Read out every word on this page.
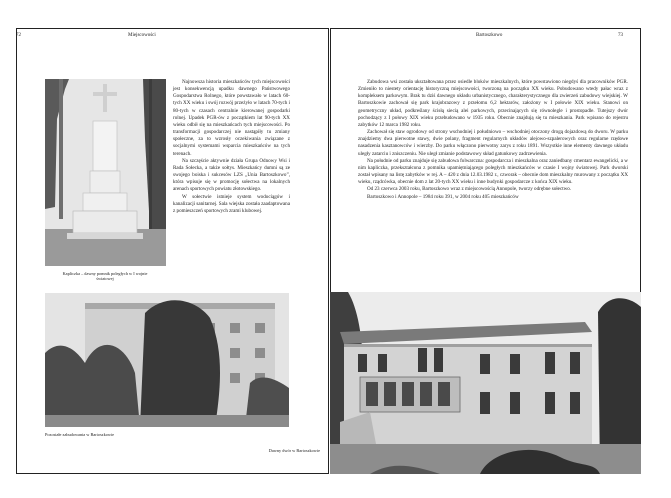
72	Miejscowości	Bartoszkowo	73
Kapliczka – dawny pomnik poległych w I wojnie światowej

Najnowsza historia mieszkańców tych miejscowości jest konsekwencją upadku dawnego Państwowego Gospodarstwa Rolnego, które powstawało w latach 60-tych XX wieku i swój rozwój przeżyło w latach 70-tych i 80-tych w czasach centralnie kierowanej gospodarki rolnej. Upadek PGR-ów z początkiem lat 90-tych XX wieku odbił się na mieszkańcach tych miejscowości. Po transformacji gospodarczej nie nastąpiły tu zmiany społeczne, za to wzrosły oczekiwania związane z socjalnymi systemami wsparcia mieszkańców na tych terenach.

Na szczęście aktywnie działa Grupa Odnowy Wsi i Rada Sołecka, a także sołtys. Mieszkańcy dumni są ze swojego boiska i sukcesów LZS „Unia Bartoszkowo”, która wpisuje się w promocję sołectwa na lokalnych arenach sportowych powiatu złotowskiego.

W sołectwie istnieje system wodociągów i kanalizacji sanitarnej. Sala wiejska została zaadaptowana z pomieszczeń sportowych zrami klubowej.

Pozostałe zabudowania w Bartoszkowie
Dawny dwór w Bartoszkowie

Zabudowa wsi została ukształtowana przez osiedle bloków mieszkalnych, które powstawiono niegdyś dla pracowników PGR. Zmieniło to niestety orientację historyczną miejscowości, tworzoną na początku XX wieku. Pobudowano wtedy pałac wraz z kompleksem parkowym. Brak tu dziś dawnego układu urbanistycznego, charakterystycznego dla zwierzeń zabudowy wiejskiej. W Bartoszkowie zachował się park krajobrazowy z przełomu 6,2 hektarów, założony w I połowie XIX wieku. Stanowi on geometryczny układ, podkreślany ścisłą siecią alei parkowych, przecinających się równolegle i prostopadle. Tutejszy dwór pochodzący z I połowy XIX wieku przebudowano w 1935 roku. Obecnie znajdują się tu mieszkania. Park wpisano do rejestru zabytków 12 marca 1982 roku.

Zachował się staw ogrodowy od strony wschodniej i południowo – wschodniej otoczony drogą dojazdową do dworu. W parku znajdziemy dwa pierwotne stawy, dwie polany, fragment regularnych układów alejowo-szpalerowych oraz regularne rzędowe nasadzenia kasztanowców i wierzby. Do parku włączono pierwotny zarys z roku 1891. Wszystkie inne elementy dawnego układu uległy zatarciu i zniszczeniu. Nie uległ zmianie podstawowy skład gatunkowy zadrzewienia.

Na południe od parku znajduje się zabudowa folwarczna: gospodarcza i mieszkalna oraz zaniedbany cmentarz ewangelicki, a w nim kapliczka, przekształcona z pomnika upamiętniającego poległych mieszkańców w czasie I wojny światowej. Park dworski został wpisany na listę zabytków w rej. A – 420 z dnia 12.03.1982 r., czworak – obecnie dom mieszkalny murowany z początku XX wieku, rządcówka, obecnie dom z lat 20-tych XX wieku i inne budynki gospodarcze z końca XIX wieku.

Od 23 czerwca 2003 roku, Bartoszkowo wraz z miejscowością Annopole, tworzy odrębne sołectwo.

Bartoszkowo i Annopole – 1984 roku 391, w 2004 roku 405 mieszkańców
